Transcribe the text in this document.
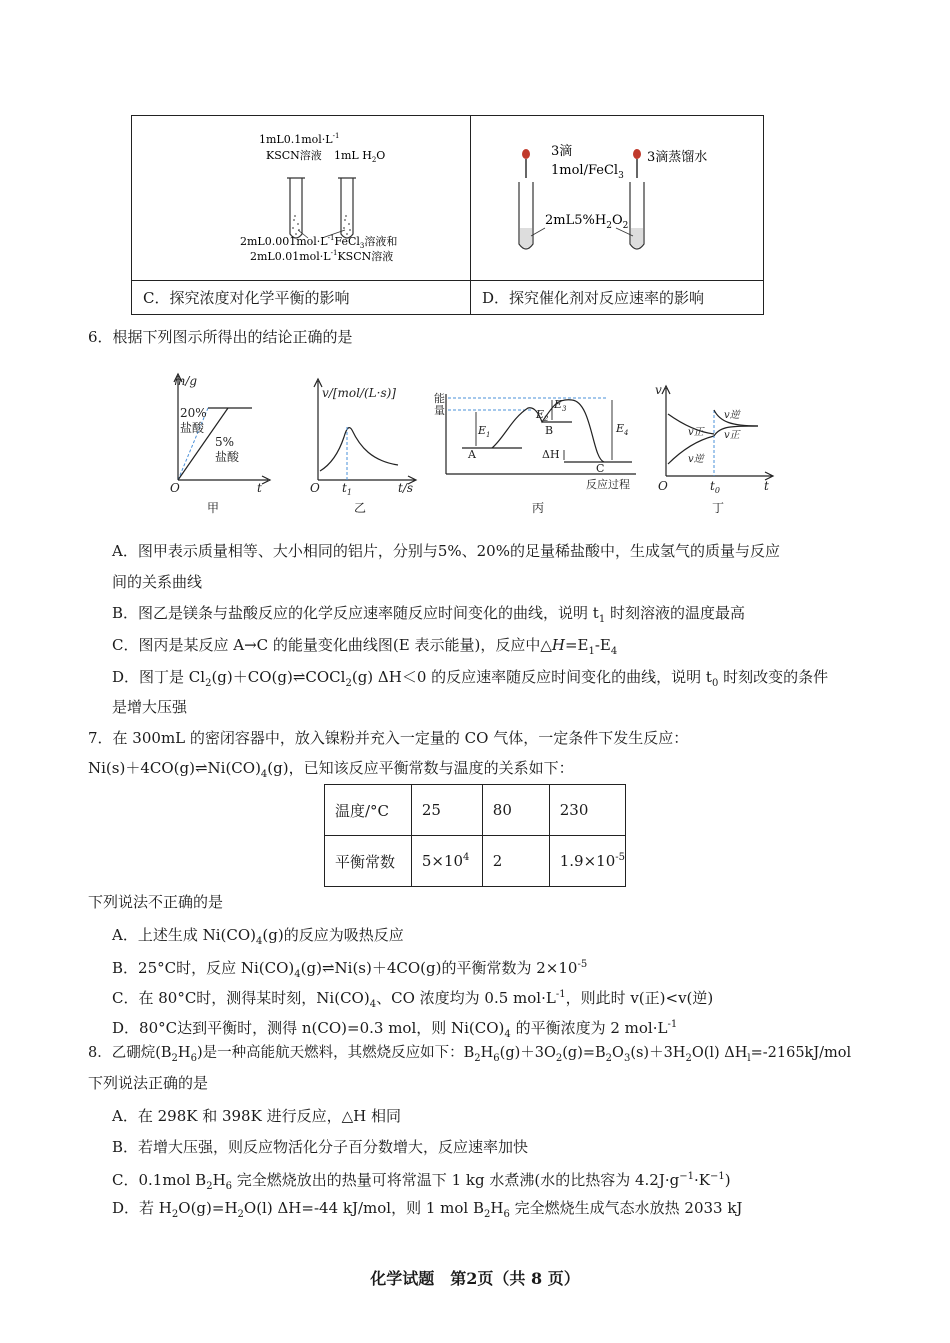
$1mL0.1mol\cdot L^{-1}$
KSCN溶液 1mL $H_2O$
$2mL0.001mol\cdot L^{-1}FeCl_3$溶液和
$2mL0.01mol\cdot L^{-1}KSCN$溶液
3滴
1mol/FeCl$_3$
3滴蒸馏水
$2mL5\%H_2O_2$
C．探究浓度对化学平衡的影响	D．探究催化剂对反应速率的影响
6．根据下列图示所得出的结论正确的是
m/g
20%
盐酸
5%
盐酸
O	t
甲
v/[mol/(L·s)]
O $t_1$	t/s
乙
能
量
$E_1$
$E_2$
$E_3$
$E_4$
A
B
C
ΔH
反应过程
丙
v
v逆
v正
v正
v逆
O	$t_0$	t
丁
A．图甲表示质量相等、大小相同的铝片，分别与5%、20%的足量稀盐酸中，生成氢气的质量与反应
间的关系曲线
B．图乙是镁条与盐酸反应的化学反应速率随反应时间变化的曲线，说明 $t_1$ 时刻溶液的温度最高
C．图丙是某反应 A→C 的能量变化曲线图(E 表示能量)，反应中$\triangle H=E_1-E_4$
D．图丁是 $Cl_2(g)+CO(g)\rightleftharpoons COCl_2(g)$ ΔH＜0 的反应速率随反应时间变化的曲线，说明 $t_0$ 时刻改变的条件
是增大压强
7．在 300mL 的密闭容器中，放入镍粉并充入一定量的 CO 气体，一定条件下发生反应：
$Ni(s)+4CO(g)\rightleftharpoons Ni(CO)_4(g)$，已知该反应平衡常数与温度的关系如下：
温度/°C	25	80	230
平衡常数	$5\times 10^4$	2	$1.9\times 10^{-5}$
下列说法不正确的是
A．上述生成 $Ni(CO)_4(g)$的反应为吸热反应
B．25°C时，反应 $Ni(CO)_4(g)\rightleftharpoons Ni(s)+4CO(g)$的平衡常数为 $2\times 10^{-5}$
C．在 80°C时，测得某时刻，$Ni(CO)_4$、CO 浓度均为 0.5 $mol\cdot L^{-1}$，则此时 v(正)<v(逆)
D．80°C达到平衡时，测得 n(CO)=0.3 mol，则 $Ni(CO)_4$ 的平衡浓度为 2 $mol\cdot L^{-1}$
8．乙硼烷$(B_2H_6)$是一种高能航天燃料，其燃烧反应如下：$B_2H_6(g)+3O_2(g)=B_2O_3(s)+3H_2O(l)$ $\Delta H_l=-2165kJ$/mol
下列说法正确的是
A．在 298K 和 398K 进行反应，△H 相同
B．若增大压强，则反应物活化分子百分数增大，反应速率加快
C．0.1mol $B_2H_6$ 完全燃烧放出的热量可将常温下 1 kg 水煮沸(水的比热容为 $4.2J\cdot g^{-1}\cdot K^{-1}$)
D．若 $H_2O(g)=H_2O(l)$ ΔH=-44 kJ/mol，则 1 mol $B_2H_6$ 完全燃烧生成气态水放热 2033 kJ
化学试题　第2页（共 8 页）
